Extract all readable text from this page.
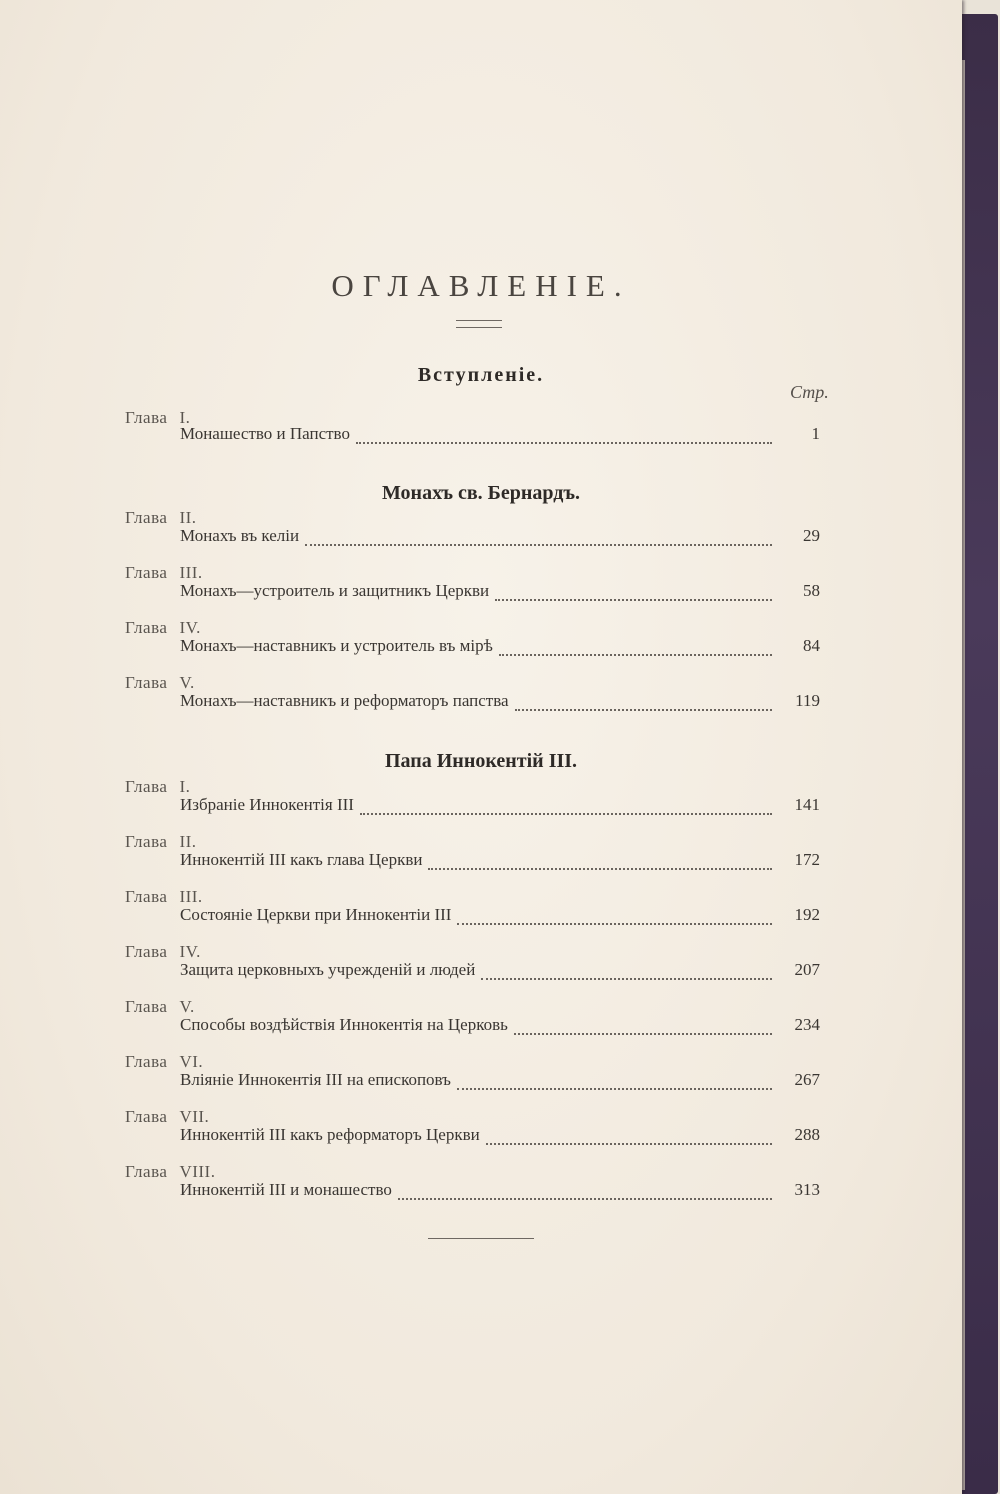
ОГЛАВЛЕНІЕ.
Вступленіе.
Стр.
Глава I.
Монашество и Папство	1
Монахъ св. Бернардъ.
Глава II.
Монахъ въ келіи	29
Глава III.
Монахъ—устроитель и защитникъ Церкви	58
Глава IV.
Монахъ—наставникъ и устроитель въ мірѣ	84
Глава V.
Монахъ—наставникъ и реформаторъ папства	119
Папа Иннокентій III.
Глава I.
Избраніе Иннокентія III	141
Глава II.
Иннокентій III какъ глава Церкви	172
Глава III.
Состояніе Церкви при Иннокентіи III	192
Глава IV.
Защита церковныхъ учрежденій и людей	207
Глава V.
Способы воздѣйствія Иннокентія на Церковь	234
Глава VI.
Вліяніе Иннокентія III на епископовъ	267
Глава VII.
Иннокентій III какъ реформаторъ Церкви	288
Глава VIII.
Иннокентій III и монашество	313
